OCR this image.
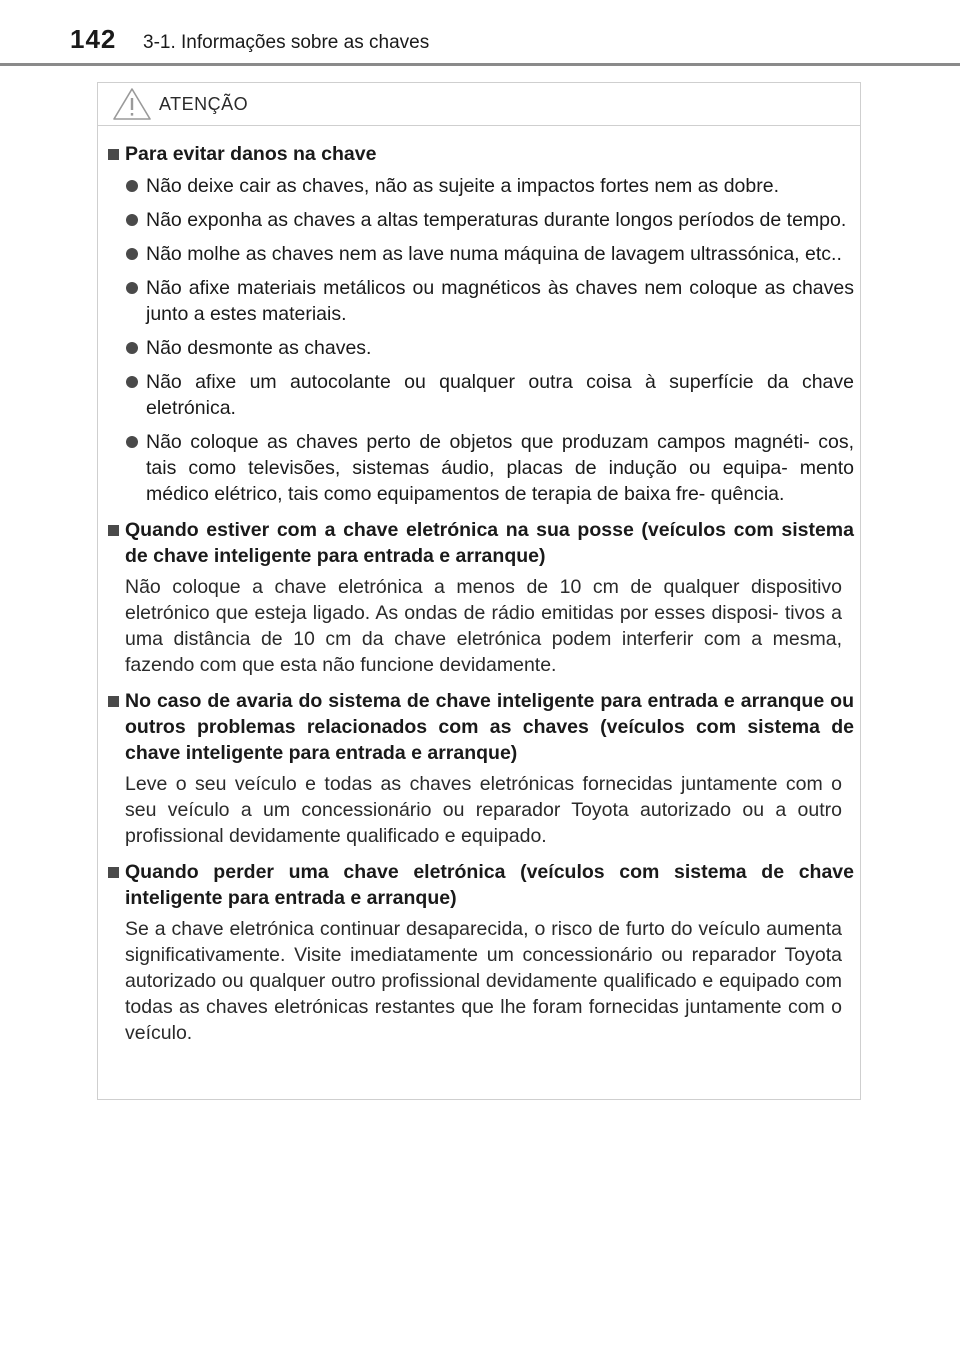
142 3-1. Informações sobre as chaves
ATENÇÃO
Para evitar danos na chave
Não deixe cair as chaves, não as sujeite a impactos fortes nem as dobre.
Não exponha as chaves a altas temperaturas durante longos períodos de tempo.
Não molhe as chaves nem as lave numa máquina de lavagem ultrassónica, etc..
Não afixe materiais metálicos ou magnéticos às chaves nem coloque as chaves junto a estes materiais.
Não desmonte as chaves.
Não afixe um autocolante ou qualquer outra coisa à superfície da chave eletrónica.
Não coloque as chaves perto de objetos que produzam campos magnéti- cos, tais como televisões, sistemas áudio, placas de indução ou equipa- mento médico elétrico, tais como equipamentos de terapia de baixa fre- quência.
Quando estiver com a chave eletrónica na sua posse (veículos com sistema de chave inteligente para entrada e arranque)
Não coloque a chave eletrónica a menos de 10 cm de qualquer dispositivo eletrónico que esteja ligado. As ondas de rádio emitidas por esses disposi- tivos a uma distância de 10 cm da chave eletrónica podem interferir com a mesma, fazendo com que esta não funcione devidamente.
No caso de avaria do sistema de chave inteligente para entrada e arranque ou outros problemas relacionados com as chaves (veículos com sistema de chave inteligente para entrada e arranque)
Leve o seu veículo e todas as chaves eletrónicas fornecidas juntamente com o seu veículo a um concessionário ou reparador Toyota autorizado ou a outro profissional devidamente qualificado e equipado.
Quando perder uma chave eletrónica (veículos com sistema de chave inteligente para entrada e arranque)
Se a chave eletrónica continuar desaparecida, o risco de furto do veículo aumenta significativamente. Visite imediatamente um concessionário ou reparador Toyota autorizado ou qualquer outro profissional devidamente qualificado e equipado com todas as chaves eletrónicas restantes que lhe foram fornecidas juntamente com o veículo.
